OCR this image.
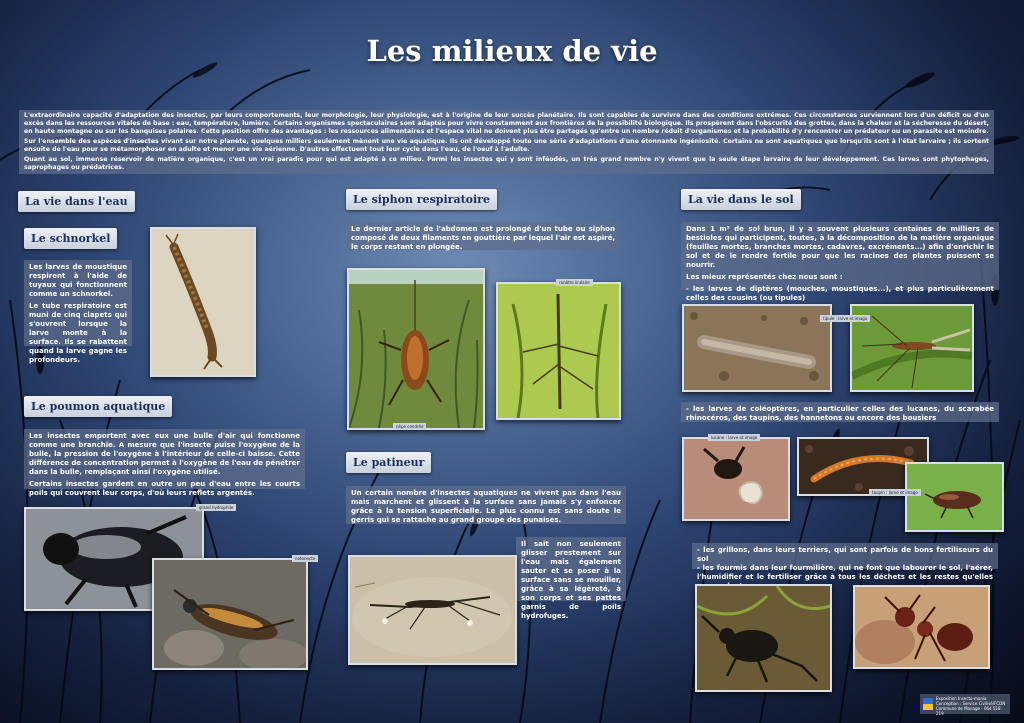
Les milieux de vie

L'extraordinaire capacité d'adaptation des insectes, par leurs comportements, leur morphologie, leur physiologie, est à l'origine de leur succès planétaire. Ils sont capables de survivre dans des conditions extrêmes. Ces circonstances surviennent lors d'un déficit ou d'un excès dans les ressources vitales de base : eau, température, lumière. Certains organismes spectaculaires sont adaptés pour vivre constamment aux frontières de la possibilité biologique. Ils prospèrent dans l'obscurité des grottes, dans la chaleur et la sécheresse du désert, en haute montagne ou sur les banquises polaires. Cette position offre des avantages : les ressources alimentaires et l'espace vital ne doivent plus être partagés qu'entre un nombre réduit d'organismes et la probabilité d'y rencontrer un prédateur ou un parasite est moindre.

Sur l'ensemble des espèces d'insectes vivant sur notre planète, quelques milliers seulement mènent une vie aquatique. Ils ont développé toute une série d'adaptations d'une étonnante ingéniosité. Certains ne sont aquatiques que lorsqu'ils sont à l'état larvaire ; ils sortent ensuite de l'eau pour se métamorphoser en adulte et mener une vie aérienne. D'autres effectuent tout leur cycle dans l'eau, de l'oeuf à l'adulte.

Quant au sol, immense réservoir de matière organique, c'est un vrai paradis pour qui est adapté à ce milieu. Parmi les insectes qui y sont inféodés, un très grand nombre n'y vivent que la seule étape larvaire de leur développement. Ces larves sont phytophages, saprophages ou prédatrices.

La vie dans l'eau
Le schnorkel

Les larves de moustique respirent à l'aide de tuyaux qui fonctionnent comme un schnorkel.

Le tube respiratoire est muni de cinq clapets qui s'ouvrent lorsque la larve monte à la surface. Ils se rabattent quand la larve gagne les profondeurs.

Le poumon aquatique

Les insectes emportent avec eux une bulle d'air qui fonctionne comme une branchie. A mesure que l'insecte puise l'oxygène de la bulle, la pression de l'oxygène à l'intérieur de celle-ci baisse. Cette différence de concentration permet à l'oxygène de l'eau de pénétrer dans la bulle, remplaçant ainsi l'oxygène utilisé.

Certains insectes gardent en outre un peu d'eau entre les courts poils qui couvrent leur corps, d'où leurs reflets argentés.

grand hydrophile
notonecte
Le siphon respiratoire

Le dernier article de l'abdomen est prolongé d'un tube ou siphon composé de deux filaments en gouttière par lequel l'air est aspiré, le corps restant en plongée.

nèpe cendrée
ranâtre linéaire
Le patineur

Un certain nombre d'insectes aquatiques ne vivent pas dans l'eau mais marchent et glissent à la surface sans jamais s'y enfoncer grâce à la tension superficielle. Le plus connu est sans doute le gerris qui se rattache au grand groupe des punaises.

Il sait non seulement glisser prestement sur l'eau mais également sauter et se poser à la surface sans se mouiller, grâce à sa légèreté, à son corps et ses pattes garnis de poils hydrofuges.

La vie dans le sol

Dans 1 m² de sol brun, il y a souvent plusieurs centaines de milliers de bestioles qui participent, toutes, à la décomposition de la matière organique (feuilles mortes, branches mortes, cadavres, excréments...) afin d'enrichir le sol et de le rendre fertile pour que les racines des plantes puissent se nourrir.

Les mieux représentés chez nous sont :

- les larves de diptères (mouches, moustiques...), et plus particulièrement celles des cousins (ou tipules)

tipule : larve et imago

- les larves de coléoptères, en particulier celles des lucanes, du scarabée rhinocéros, des taupins, des hannetons ou encore des bousiers

lucane : larve et imago
taupin : larve et imago

- les grillons, dans leurs terriers, qui sont parfois de bons fertiliseurs du sol

- les fourmis dans leur fourmilière, qui ne font que labourer le sol, l'aérer, l'humidifier et le fertiliser grâce à tous les déchets et les restes qu'elles

Exposition Insecto-mania
Conception : Service Civilisé/FCDN
Commune de Manage - 064 518 219
